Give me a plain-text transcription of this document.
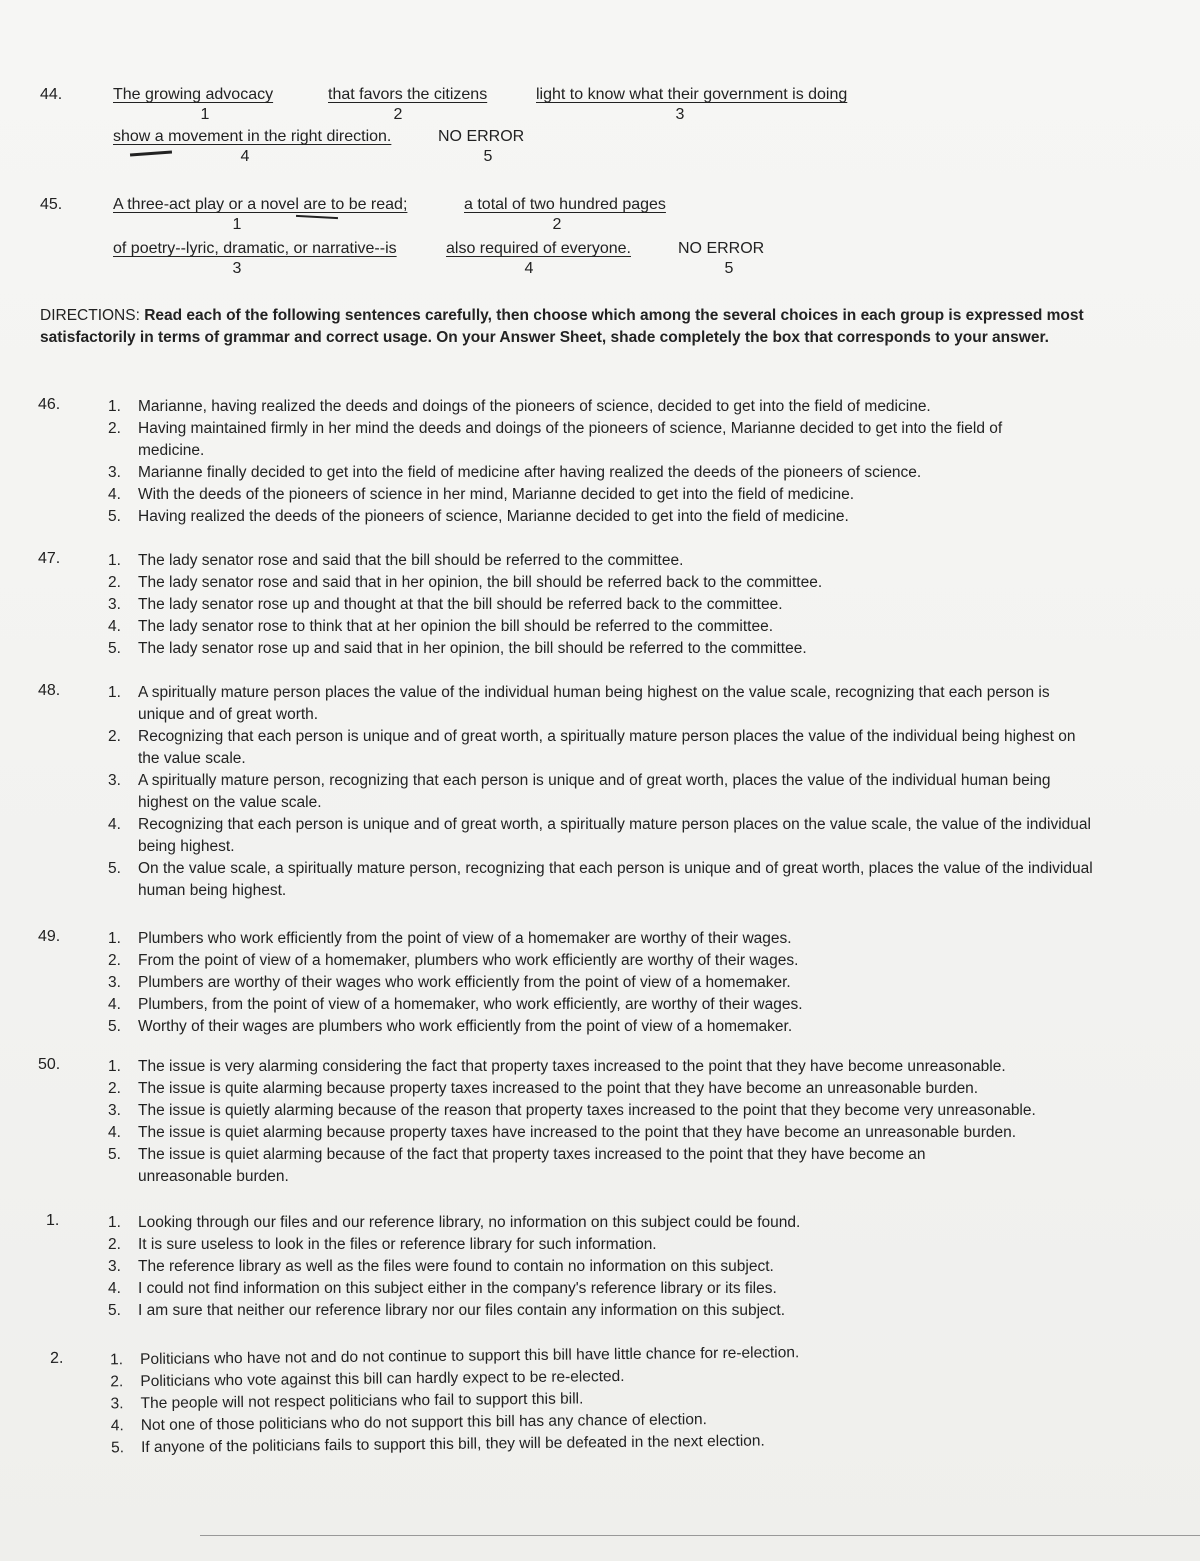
44.	The growing advocacy
1
that favors the citizens
2
light to know what their government is doing
3
show a movement in the right direction.
4
NO ERROR
5
45.	A three-act play or a novel are to be read;
1
a total of two hundred pages
2
of poetry--lyric, dramatic, or narrative--is
3
also required of everyone.
4
NO ERROR
5
DIRECTIONS: Read each of the following sentences carefully, then choose which among the several choices in each group is expressed most satisfactorily in terms of grammar and correct usage. On your Answer Sheet, shade completely the box that corresponds to your answer.
46.	1. Marianne, having realized the deeds and doings of the pioneers of science, decided to get into the field of medicine.
2. Having maintained firmly in her mind the deeds and doings of the pioneers of science, Marianne decided to get into the field of medicine.
3. Marianne finally decided to get into the field of medicine after having realized the deeds of the pioneers of science.
4. With the deeds of the pioneers of science in her mind, Marianne decided to get into the field of medicine.
5. Having realized the deeds of the pioneers of science, Marianne decided to get into the field of medicine.
47.	1. The lady senator rose and said that the bill should be referred to the committee.
2. The lady senator rose and said that in her opinion, the bill should be referred back to the committee.
3. The lady senator rose up and thought at that the bill should be referred back to the committee.
4. The lady senator rose to think that at her opinion the bill should be referred to the committee.
5. The lady senator rose up and said that in her opinion, the bill should be referred to the committee.
48.	1. A spiritually mature person places the value of the individual human being highest on the value scale, recognizing that each person is unique and of great worth.
2. Recognizing that each person is unique and of great worth, a spiritually mature person places the value of the individual being highest on the value scale.
3. A spiritually mature person, recognizing that each person is unique and of great worth, places the value of the individual human being highest on the value scale.
4. Recognizing that each person is unique and of great worth, a spiritually mature person places on the value scale, the value of the individual being highest.
5. On the value scale, a spiritually mature person, recognizing that each person is unique and of great worth, places the value of the individual human being highest.
49.	1. Plumbers who work efficiently from the point of view of a homemaker are worthy of their wages.
2. From the point of view of a homemaker, plumbers who work efficiently are worthy of their wages.
3. Plumbers are worthy of their wages who work efficiently from the point of view of a homemaker.
4. Plumbers, from the point of view of a homemaker, who work efficiently, are worthy of their wages.
5. Worthy of their wages are plumbers who work efficiently from the point of view of a homemaker.
50.	1. The issue is very alarming considering the fact that property taxes increased to the point that they have become unreasonable.
2. The issue is quite alarming because property taxes increased to the point that they have become an unreasonable burden.
3. The issue is quietly alarming because of the reason that property taxes increased to the point that they become very unreasonable.
4. The issue is quiet alarming because property taxes have increased to the point that they have become an unreasonable burden.
5. The issue is quiet alarming because of the fact that property taxes increased to the point that they have become an unreasonable burden.
1.	1. Looking through our files and our reference library, no information on this subject could be found.
2. It is sure useless to look in the files or reference library for such information.
3. The reference library as well as the files were found to contain no information on this subject.
4. I could not find information on this subject either in the company's reference library or its files.
5. I am sure that neither our reference library nor our files contain any information on this subject.
2.	1. Politicians who have not and do not continue to support this bill have little chance for re-election.
2. Politicians who vote against this bill can hardly expect to be re-elected.
3. The people will not respect politicians who fail to support this bill.
4. Not one of those politicians who do not support this bill has any chance of election.
5. If anyone of the politicians fails to support this bill, they will be defeated in the next election.
